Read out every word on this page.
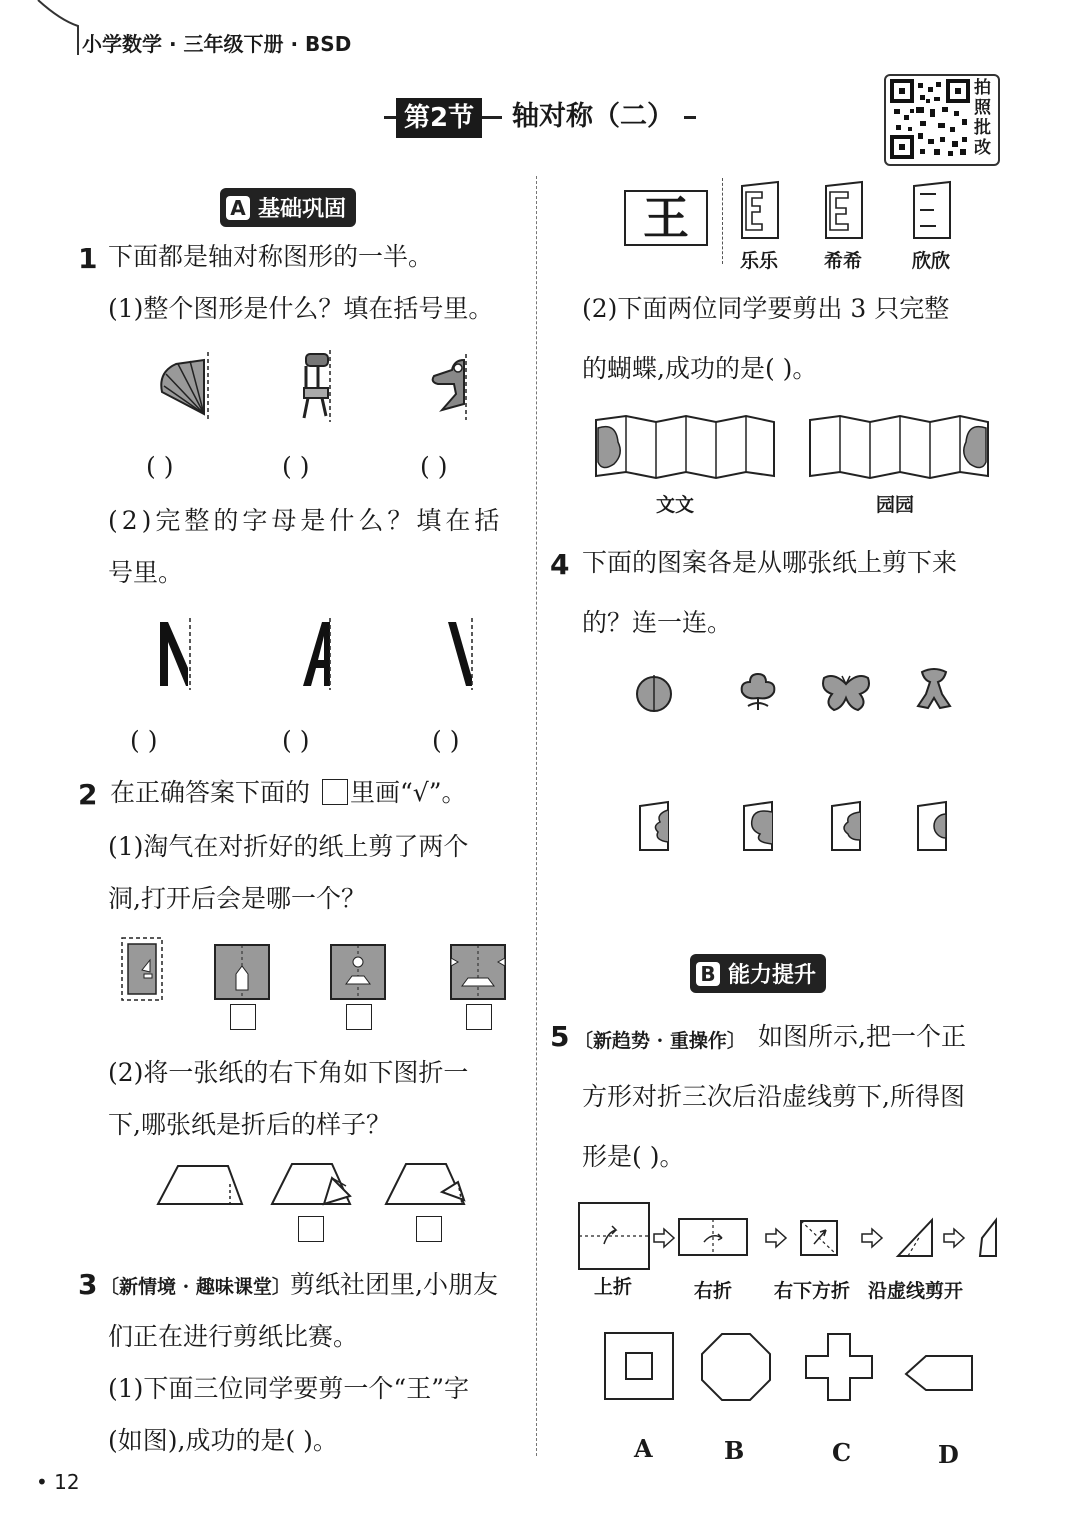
小学数学 · 三年级下册 · BSD
第2节	轴对称（二）
拍照批改
A 基础巩固
1 下面都是轴对称图形的一半。
(1)整个图形是什么？填在括号里。
( )	( )	( )
(2)完整的字母是什么？填在括
号里。
( )	( )	( )
2 在正确答案下面的 里画“√”。
(1)淘气在对折好的纸上剪了两个
洞,打开后会是哪一个？
(2)将一张纸的右下角如下图折一
下,哪张纸是折后的样子？
3 〔新情境 · 趣味课堂〕 剪纸社团里,小朋友
们正在进行剪纸比赛。
(1)下面三位同学要剪一个“王”字
(如图),成功的是( )。
• 12
王
乐乐 希希	欣欣
(2)下面两位同学要剪出 3 只完整
的蝴蝶,成功的是( )。
文文	园园
4 下面的图案各是从哪张纸上剪下来
的？连一连。
B 能力提升
5 〔新趋势 · 重操作〕 如图所示,把一个正
方形对折三次后沿虚线剪下,所得图
形是( )。
上折	右折 右下方折 沿虚线剪开
A	B	C	D
